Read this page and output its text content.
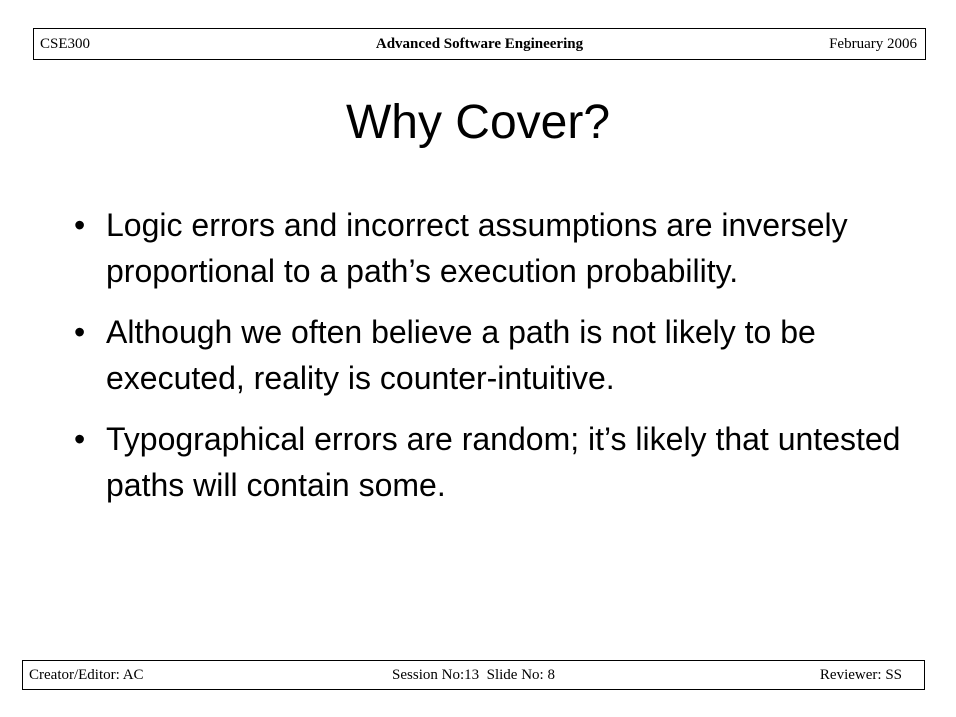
CSE300	Advanced Software Engineering	February 2006
Why Cover?
• Logic errors and incorrect assumptions are inversely proportional to a path’s execution probability.
• Although we often believe a path is not likely to be executed, reality is counter-intuitive.
• Typographical errors are random; it’s likely that untested paths will contain some.
Creator/Editor: AC	Session No:13  Slide No: 8	Reviewer: SS
